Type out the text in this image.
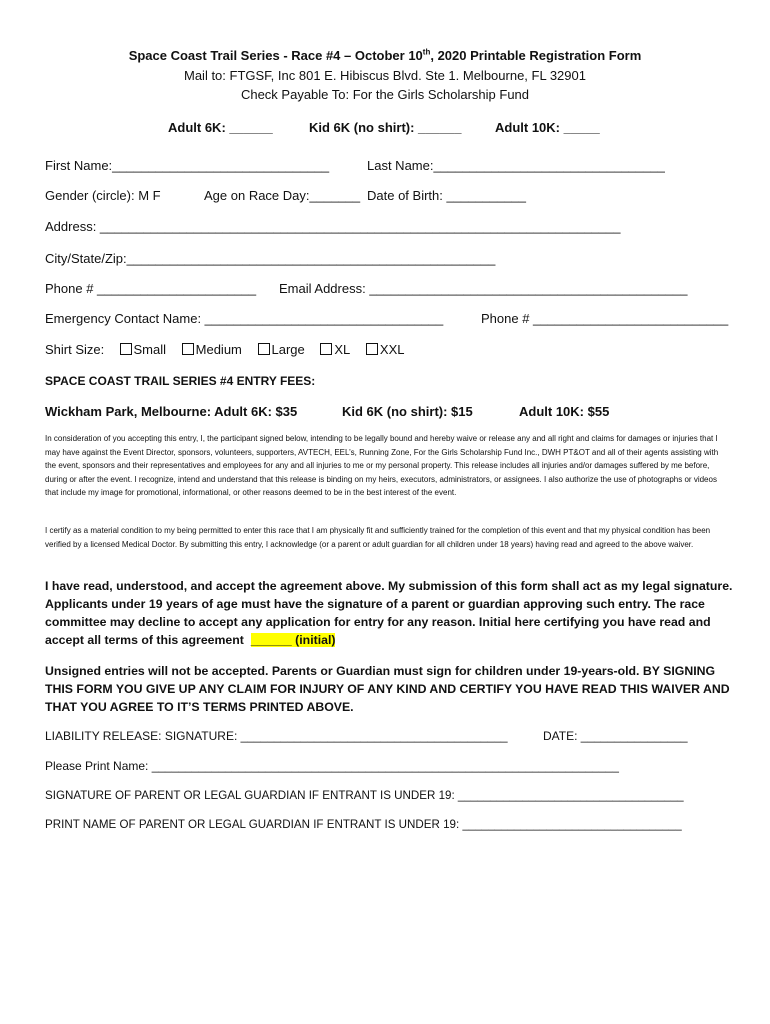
Space Coast Trail Series - Race #4 – October 10th, 2020 Printable Registration Form
Mail to: FTGSF, Inc 801 E. Hibiscus Blvd. Ste 1. Melbourne, FL 32901
Check Payable To: For the Girls Scholarship Fund
Adult 6K: ______	Kid 6K (no shirt): ______	Adult 10K: _____
First Name:______________________________	Last Name:________________________________
Gender (circle): M F	Age on Race Day:_______ Date of Birth: ___________
Address: ________________________________________________________________________
City/State/Zip:___________________________________________________
Phone # ______________________ Email Address: ____________________________________________
Emergency Contact Name: _________________________________	Phone # ___________________________
Shirt Size: Small Medium Large XL XXL
SPACE COAST TRAIL SERIES #4 ENTRY FEES:
Wickham Park, Melbourne: Adult 6K: $35	Kid 6K (no shirt): $15	Adult 10K: $55
In consideration of you accepting this entry, I, the participant signed below, intending to be legally bound and hereby waive or release any and all right and claims for damages or injuries that I may have against the Event Director, sponsors, volunteers, supporters, AVTECH, EEL’s, Running Zone, For the Girls Scholarship Fund Inc., DWH PT&OT and all of their agents assisting with the event, sponsors and their representatives and employees for any and all injuries to me or my personal property. This release includes all injuries and/or damages suffered by me before, during or after the event. I recognize, intend and understand that this release is binding on my heirs, executors, administrators, or assignees. I also authorize the use of photographs or videos that include my image for promotional, informational, or other reasons deemed to be in the best interest of the event.
I certify as a material condition to my being permitted to enter this race that I am physically fit and sufficiently trained for the completion of this event and that my physical condition has been verified by a licensed Medical Doctor. By submitting this entry, I acknowledge (or a parent or adult guardian for all children under 18 years) having read and agreed to the above waiver.
I have read, understood, and accept the agreement above. My submission of this form shall act as my legal signature. Applicants under 19 years of age must have the signature of a parent or guardian approving such entry. The race committee may decline to accept any application for entry for any reason. Initial here certifying you have read and accept all terms of this agreement ______ (initial)
Unsigned entries will not be accepted. Parents or Guardian must sign for children under 19-years-old. BY SIGNING THIS FORM YOU GIVE UP ANY CLAIM FOR INJURY OF ANY KIND AND CERTIFY YOU HAVE READ THIS WAIVER AND THAT YOU AGREE TO IT’S TERMS PRINTED ABOVE.
LIABILITY RELEASE: SIGNATURE: ________________________________________	DATE: ________________
Please Print Name: ______________________________________________________________________
SIGNATURE OF PARENT OR LEGAL GUARDIAN IF ENTRANT IS UNDER 19: ___________________________________
PRINT NAME OF PARENT OR LEGAL GUARDIAN IF ENTRANT IS UNDER 19: __________________________________
